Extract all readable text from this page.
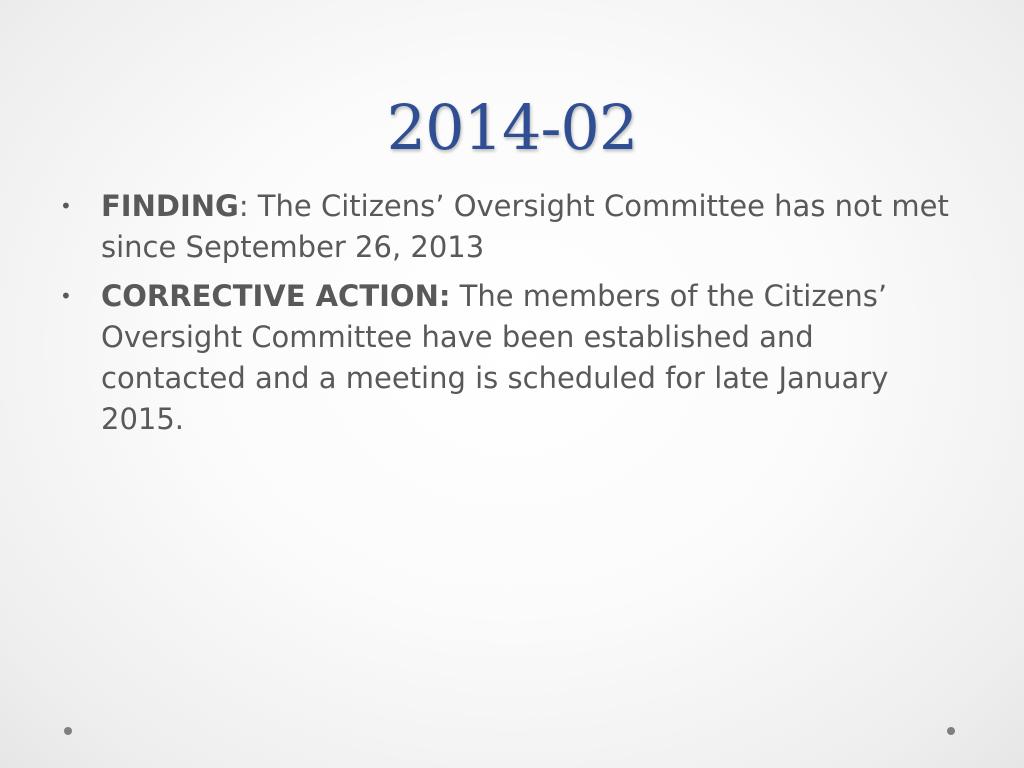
2014-02
• FINDING: The Citizens’ Oversight Committee has not met since September 26, 2013
• CORRECTIVE ACTION: The members of the Citizens’ Oversight Committee have been established and contacted and a meeting is scheduled for late January 2015.
